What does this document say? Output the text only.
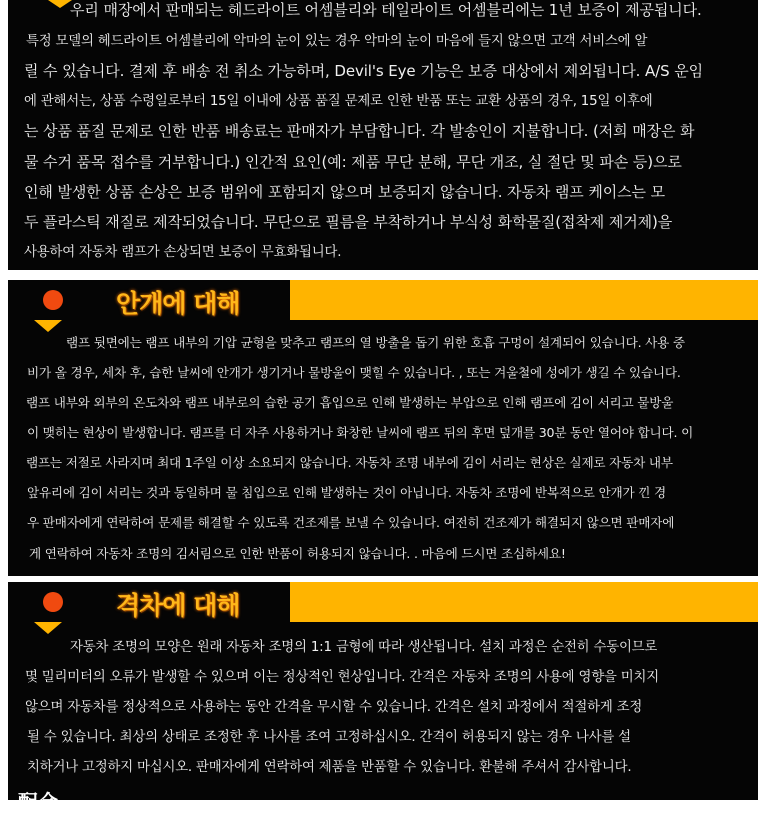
우리 매장에서 판매되는 헤드라이트 어셈블리와 테일라이트 어셈블리에는 1년 보증이 제공됩니다.
특정 모델의 헤드라이트 어셈블리에 악마의 눈이 있는 경우 악마의 눈이 마음에 들지 않으면 고객 서비스에 알
릴 수 있습니다. 결제 후 배송 전 취소 가능하며, Devil's Eye 기능은 보증 대상에서 제외됩니다. A/S 운임
에 관해서는, 상품 수령일로부터 15일 이내에 상품 품질 문제로 인한 반품 또는 교환 상품의 경우, 15일 이후에
는 상품 품질 문제로 인한 반품 배송료는 판매자가 부담합니다. 각 발송인이 지불합니다. (저희 매장은 화
물 수거 품목 접수를 거부합니다.) 인간적 요인(예: 제품 무단 분해, 무단 개조, 실 절단 및 파손 등)으로
인해 발생한 상품 손상은 보증 범위에 포함되지 않으며 보증되지 않습니다. 자동차 램프 케이스는 모
두 플라스틱 재질로 제작되었습니다. 무단으로 필름을 부착하거나 부식성 화학물질(접착제 제거제)을
사용하여 자동차 램프가 손상되면 보증이 무효화됩니다.
안개에 대해
램프 뒷면에는 램프 내부의 기압 균형을 맞추고 램프의 열 방출을 돕기 위한 호흡 구멍이 설계되어 있습니다. 사용 중
비가 올 경우, 세차 후, 습한 날씨에 안개가 생기거나 물방울이 맺힐 수 있습니다. , 또는 겨울철에 성에가 생길 수 있습니다.
램프 내부와 외부의 온도차와 램프 내부로의 습한 공기 흡입으로 인해 발생하는 부압으로 인해 램프에 김이 서리고 물방울
이 맺히는 현상이 발생합니다. 램프를 더 자주 사용하거나 화창한 날씨에 램프 뒤의 후면 덮개를 30분 동안 열어야 합니다. 이
램프는 저절로 사라지며 최대 1주일 이상 소요되지 않습니다. 자동차 조명 내부에 김이 서리는 현상은 실제로 자동차 내부
앞유리에 김이 서리는 것과 동일하며 물 침입으로 인해 발생하는 것이 아닙니다. 자동차 조명에 반복적으로 안개가 낀 경
우 판매자에게 연락하여 문제를 해결할 수 있도록 건조제를 보낼 수 있습니다. 여전히 건조제가 해결되지 않으면 판매자에
게 연락하여 자동차 조명의 김서림으로 인한 반품이 허용되지 않습니다. . 마음에 드시면 조심하세요!
격차에 대해
자동차 조명의 모양은 원래 자동차 조명의 1:1 금형에 따라 생산됩니다. 설치 과정은 순전히 수동이므로
몇 밀리미터의 오류가 발생할 수 있으며 이는 정상적인 현상입니다. 간격은 자동차 조명의 사용에 영향을 미치지
않으며 자동차를 정상적으로 사용하는 동안 간격을 무시할 수 있습니다. 간격은 설치 과정에서 적절하게 조정
될 수 있습니다. 최상의 상태로 조정한 후 나사를 조여 고정하십시오. 간격이 허용되지 않는 경우 나사를 설
치하거나 고정하지 마십시오. 판매자에게 연락하여 제품을 반품할 수 있습니다. 환불해 주셔서 감사합니다.
配合
